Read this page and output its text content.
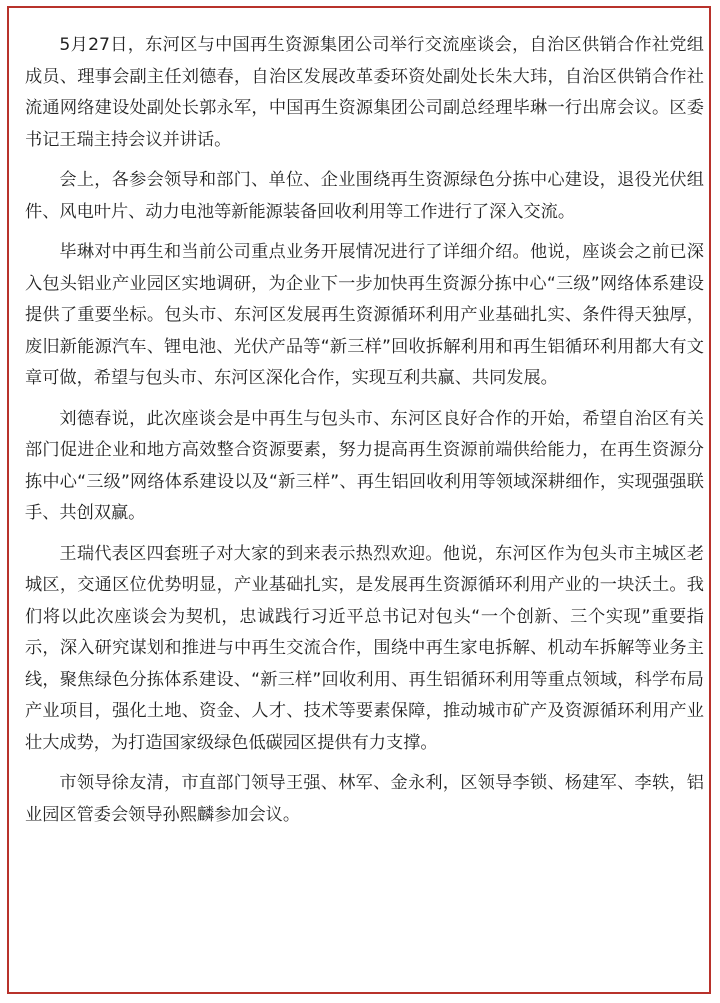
5月27日，东河区与中国再生资源集团公司举行交流座谈会，自治区供销合作社党组成员、理事会副主任刘德春，自治区发展改革委环资处副处长朱大玮，自治区供销合作社流通网络建设处副处长郭永军，中国再生资源集团公司副总经理毕琳一行出席会议。区委书记王瑞主持会议并讲话。

会上，各参会领导和部门、单位、企业围绕再生资源绿色分拣中心建设，退役光伏组件、风电叶片、动力电池等新能源装备回收利用等工作进行了深入交流。

毕琳对中再生和当前公司重点业务开展情况进行了详细介绍。他说，座谈会之前已深入包头铝业产业园区实地调研，为企业下一步加快再生资源分拣中心“三级”网络体系建设提供了重要坐标。包头市、东河区发展再生资源循环利用产业基础扎实、条件得天独厚，废旧新能源汽车、锂电池、光伏产品等“新三样”回收拆解利用和再生铝循环利用都大有文章可做，希望与包头市、东河区深化合作，实现互利共赢、共同发展。

刘德春说，此次座谈会是中再生与包头市、东河区良好合作的开始，希望自治区有关部门促进企业和地方高效整合资源要素，努力提高再生资源前端供给能力，在再生资源分拣中心“三级”网络体系建设以及“新三样”、再生铝回收利用等领域深耕细作，实现强强联手、共创双赢。

王瑞代表区四套班子对大家的到来表示热烈欢迎。他说，东河区作为包头市主城区老城区，交通区位优势明显，产业基础扎实，是发展再生资源循环利用产业的一块沃土。我们将以此次座谈会为契机，忠诚践行习近平总书记对包头“一个创新、三个实现”重要指示，深入研究谋划和推进与中再生交流合作，围绕中再生家电拆解、机动车拆解等业务主线，聚焦绿色分拣体系建设、“新三样”回收利用、再生铝循环利用等重点领域，科学布局产业项目，强化土地、资金、人才、技术等要素保障，推动城市矿产及资源循环利用产业壮大成势，为打造国家级绿色低碳园区提供有力支撑。

市领导徐友清，市直部门领导王强、林军、金永利，区领导李锁、杨建军、李轶，铝业园区管委会领导孙熙麟参加会议。
